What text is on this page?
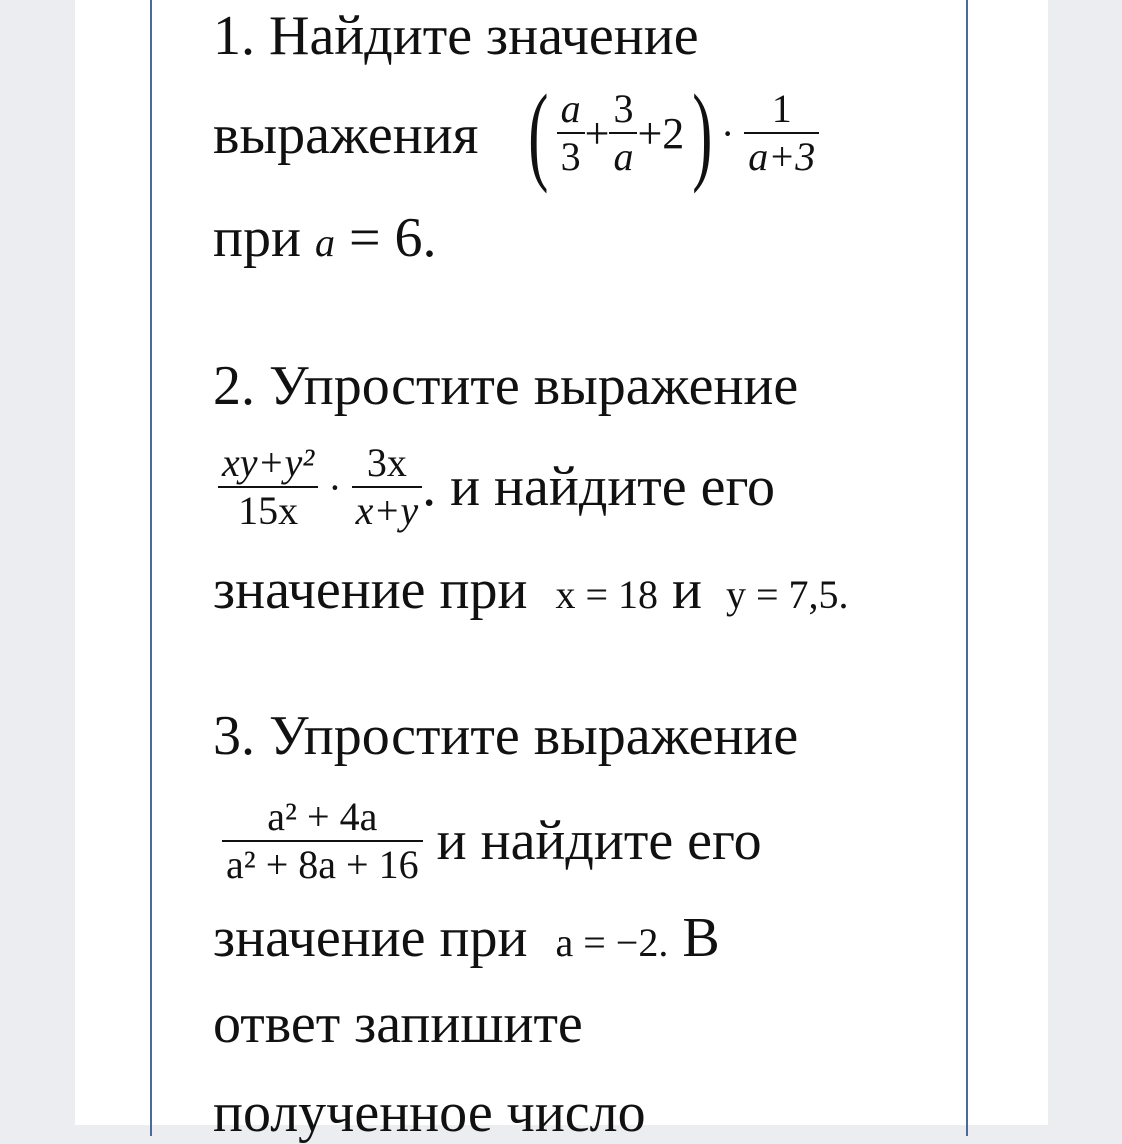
1. Найдите значение
выражения ( $\frac{a}{3} + \frac{3}{a} +2$ ) · $\frac{1}{a+3}$
при a = 6.
2. Упростите выражение
$\frac{\text{xy+y²}}{15x} \cdot \frac{3x}{x+y}$ . и найдите его
значение при x = 18 и y = 7,5.
3. Упростите выражение
$\frac{\text{a² + 4a}}{\text{a² + 8a + 16}}$ и найдите его
значение при a = −2. В
ответ запишите
полученное число
